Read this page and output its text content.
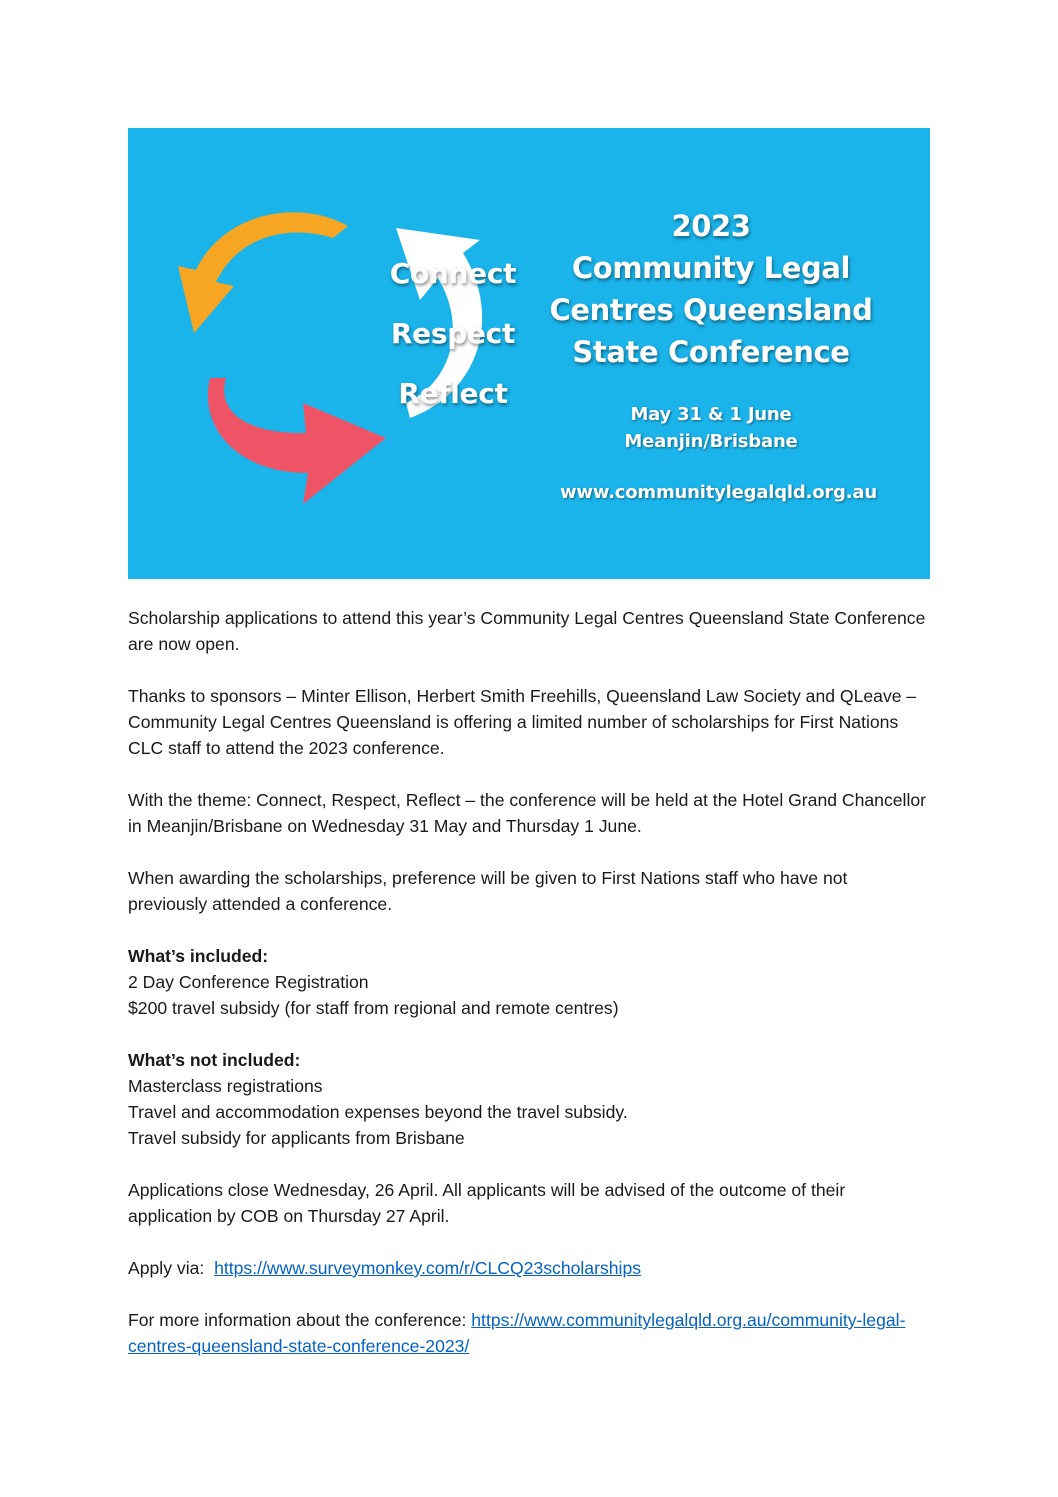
Connect
Respect
Reflect
2023
Community Legal
Centres Queensland
State Conference
May 31 & 1 June
Meanjin/Brisbane
www.communitylegalqld.org.au

Scholarship applications to attend this year’s Community Legal Centres Queensland State Conference are now open.

Thanks to sponsors – Minter Ellison, Herbert Smith Freehills, Queensland Law Society and QLeave – Community Legal Centres Queensland is offering a limited number of scholarships for First Nations CLC staff to attend the 2023 conference.

With the theme: Connect, Respect, Reflect – the conference will be held at the Hotel Grand Chancellor in Meanjin/Brisbane on Wednesday 31 May and Thursday 1 June.

When awarding the scholarships, preference will be given to First Nations staff who have not previously attended a conference.

What’s included:
2 Day Conference Registration
$200 travel subsidy (for staff from regional and remote centres)

What’s not included:
Masterclass registrations
Travel and accommodation expenses beyond the travel subsidy.
Travel subsidy for applicants from Brisbane

Applications close Wednesday, 26 April. All applicants will be advised of the outcome of their application by COB on Thursday 27 April.

Apply via: https://www.surveymonkey.com/r/CLCQ23scholarships

For more information about the conference: https://www.communitylegalqld.org.au/community-legal-centres-queensland-state-conference-2023/
